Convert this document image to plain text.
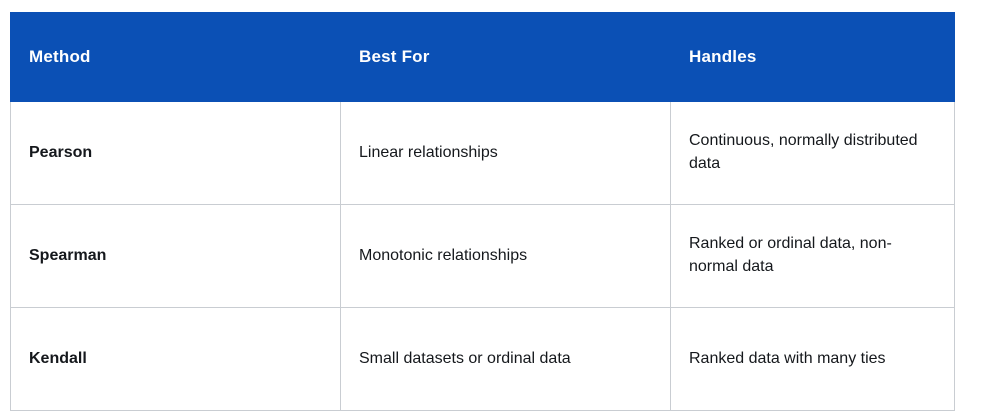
Method	Best For	Handles
Pearson	Linear relationships	Continuous, normally distributed data
Spearman	Monotonic relationships	Ranked or ordinal data, non-normal data
Kendall	Small datasets or ordinal data	Ranked data with many ties
